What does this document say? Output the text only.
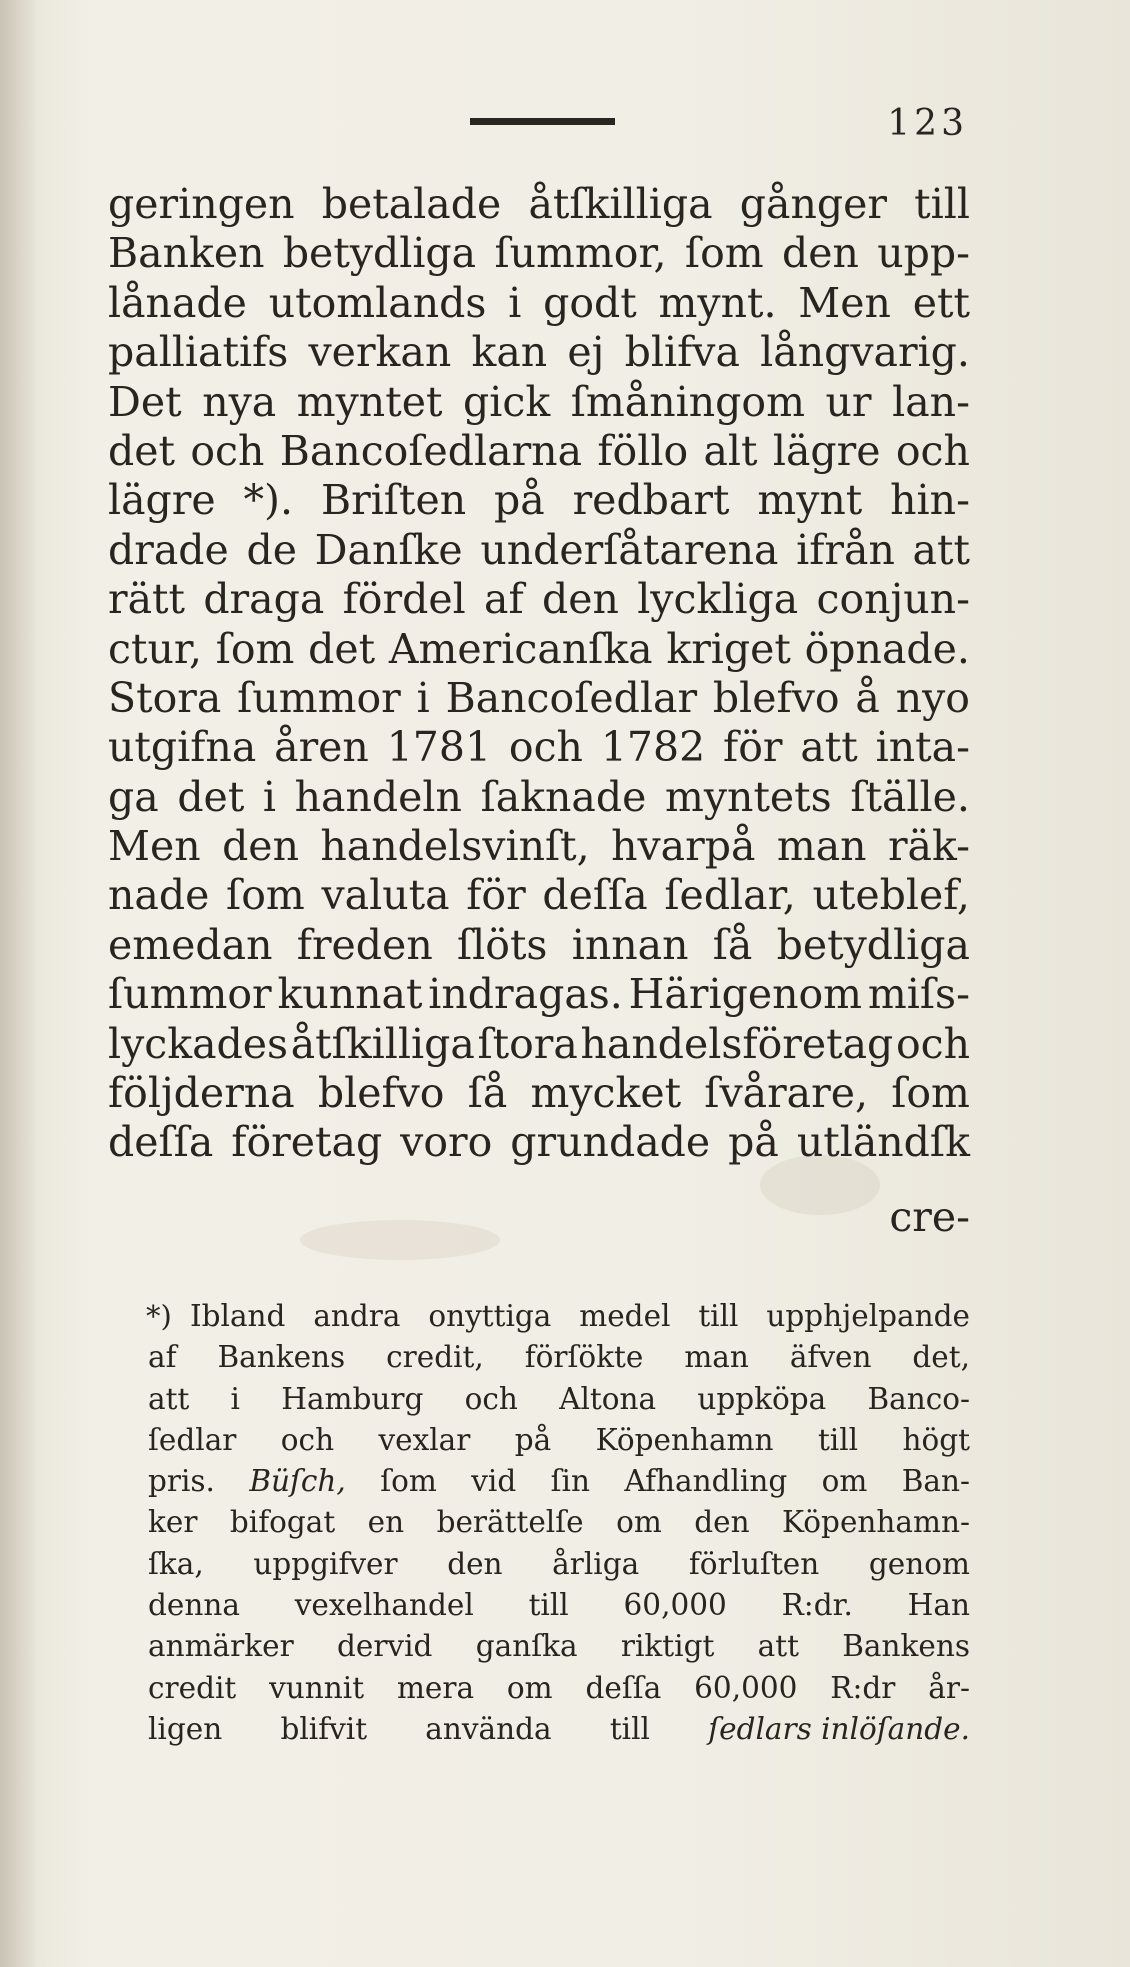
123
geringen betalade åtſkilliga gånger till
Banken betydliga ſummor, ſom den upp-
lånade utomlands i godt mynt. Men ett
palliatifs verkan kan ej blifva långvarig.
Det nya myntet gick ſmåningom ur lan-
det och Bancoſedlarna föllo alt lägre och
lägre *). Briſten på redbart mynt hin-
drade de Danſke underſåtarena ifrån att
rätt draga fördel af den lyckliga conjun-
ctur, ſom det Americanſka kriget öpnade.
Stora ſummor i Bancoſedlar blefvo å nyo
utgifna åren 1781 och 1782 för att inta-
ga det i handeln ſaknade myntets ſtälle.
Men den handelsvinſt, hvarpå man räk-
nade ſom valuta för deſſa ſedlar, uteblef,
emedan freden ſlöts innan ſå betydliga
ſummor kunnat indragas. Härigenom miſs-
lyckades åtſkilliga ſtora handelsföretag och
följderna blefvo ſå mycket ſvårare, ſom
deſſa företag voro grundade på utländſk
cre-
*) Ibland andra onyttiga medel till upphjelpande
af Bankens credit, förſökte man äfven det,
att i Hamburg och Altona uppköpa Banco-
ſedlar och vexlar på Köpenhamn till högt
pris. Büſch, ſom vid ſin Afhandling om Ban-
ker bifogat en berättelſe om den Köpenhamn-
ſka, uppgifver den årliga förluſten genom
denna vexelhandel till 60,000 R:dr. Han
anmärker dervid ganſka riktigt att Bankens
credit vunnit mera om deſſa 60,000 R:dr år-
ligen blifvit använda till ſedlars inlöſande.
